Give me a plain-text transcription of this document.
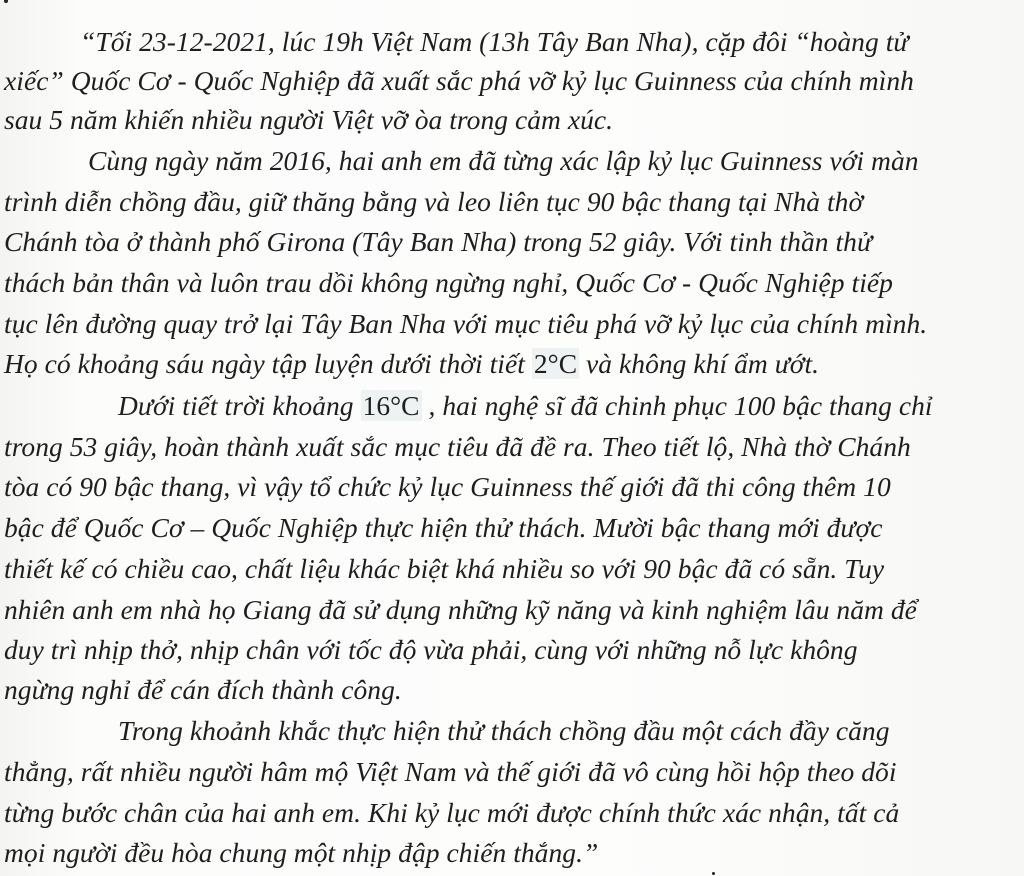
“Tối 23-12-2021, lúc 19h Việt Nam (13h Tây Ban Nha), cặp đôi “hoàng tử
xiếc” Quốc Cơ - Quốc Nghiệp đã xuất sắc phá vỡ kỷ lục Guinness của chính mình
sau 5 năm khiến nhiều người Việt vỡ òa trong cảm xúc.
Cùng ngày năm 2016, hai anh em đã từng xác lập kỷ lục Guinness với màn
trình diễn chồng đầu, giữ thăng bằng và leo liên tục 90 bậc thang tại Nhà thờ
Chánh tòa ở thành phố Girona (Tây Ban Nha) trong 52 giây. Với tinh thần thử
thách bản thân và luôn trau dồi không ngừng nghỉ, Quốc Cơ - Quốc Nghiệp tiếp
tục lên đường quay trở lại Tây Ban Nha với mục tiêu phá vỡ kỷ lục của chính mình.
Họ có khoảng sáu ngày tập luyện dưới thời tiết 2°C và không khí ẩm ướt.
Dưới tiết trời khoảng 16°C , hai nghệ sĩ đã chinh phục 100 bậc thang chỉ
trong 53 giây, hoàn thành xuất sắc mục tiêu đã đề ra. Theo tiết lộ, Nhà thờ Chánh
tòa có 90 bậc thang, vì vậy tổ chức kỷ lục Guinness thế giới đã thi công thêm 10
bậc để Quốc Cơ – Quốc Nghiệp thực hiện thử thách. Mười bậc thang mới được
thiết kế có chiều cao, chất liệu khác biệt khá nhiều so với 90 bậc đã có sẵn. Tuy
nhiên anh em nhà họ Giang đã sử dụng những kỹ năng và kinh nghiệm lâu năm để
duy trì nhịp thở, nhịp chân với tốc độ vừa phải, cùng với những nỗ lực không
ngừng nghỉ để cán đích thành công.
Trong khoảnh khắc thực hiện thử thách chồng đầu một cách đầy căng
thẳng, rất nhiều người hâm mộ Việt Nam và thế giới đã vô cùng hồi hộp theo dõi
từng bước chân của hai anh em. Khi kỷ lục mới được chính thức xác nhận, tất cả
mọi người đều hòa chung một nhịp đập chiến thắng.”
